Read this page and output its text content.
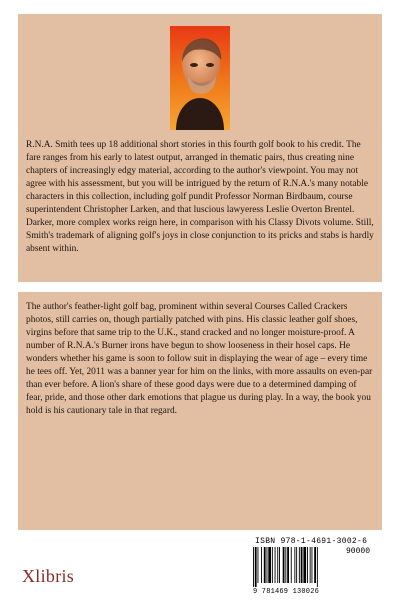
R.N.A. Smith tees up 18 additional short stories in this fourth golf book to his credit. The fare ranges from his early to latest output, arranged in thematic pairs, thus creating nine chapters of increasingly edgy material, according to the author's viewpoint. You may not agree with his assessment, but you will be intrigued by the return of R.N.A.'s many notable characters in this collection, including golf pundit Professor Norman Birdbaum, course superintendent Christopher Larken, and that luscious lawyeress Leslie Overton Brentel. Darker, more complex works reign here, in comparison with his Classy Divots volume. Still, Smith's trademark of aligning golf's joys in close conjunction to its pricks and stabs is hardly absent within.

The author's feather-light golf bag, prominent within several Courses Called Crackers photos, still carries on, though partially patched with pins. His classic leather golf shoes, virgins before that same trip to the U.K., stand cracked and no longer moisture-proof. A number of R.N.A.'s Burner irons have begun to show looseness in their hosel caps. He wonders whether his game is soon to follow suit in displaying the wear of age – every time he tees off. Yet, 2011 was a banner year for him on the links, with more assaults on even-par than ever before. A lion's share of these good days were due to a determined damping of fear, pride, and those other dark emotions that plague us during play. In a way, the book you hold is his cautionary tale in that regard.

ISBN 978-1-4691-3002-6
90000
9 781469 130026
Xlibris
